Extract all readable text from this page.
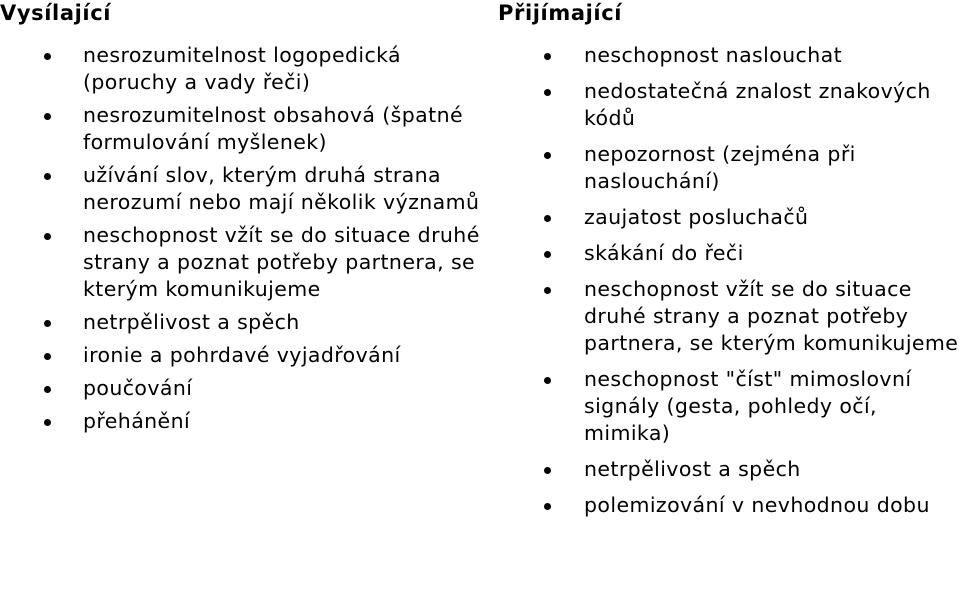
Vysílající
nesrozumitelnost logopedická (poruchy a vady řeči)
nesrozumitelnost obsahová (špatné formulování myšlenek)
užívání slov, kterým druhá strana nerozumí nebo mají několik významů
neschopnost vžít se do situace druhé strany a poznat potřeby partnera, se kterým komunikujeme
netrpělivost a spěch
ironie a pohrdavé vyjadřování
poučování
přehánění
Přijímající
neschopnost naslouchat
nedostatečná znalost znakových kódů
nepozornost (zejména při naslouchání)
zaujatost posluchačů
skákání do řeči
neschopnost vžít se do situace druhé strany a poznat potřeby partnera, se kterým komunikujeme
neschopnost "číst" mimoslovní signály (gesta, pohledy očí, mimika)
netrpělivost a spěch
polemizování v nevhodnou dobu
